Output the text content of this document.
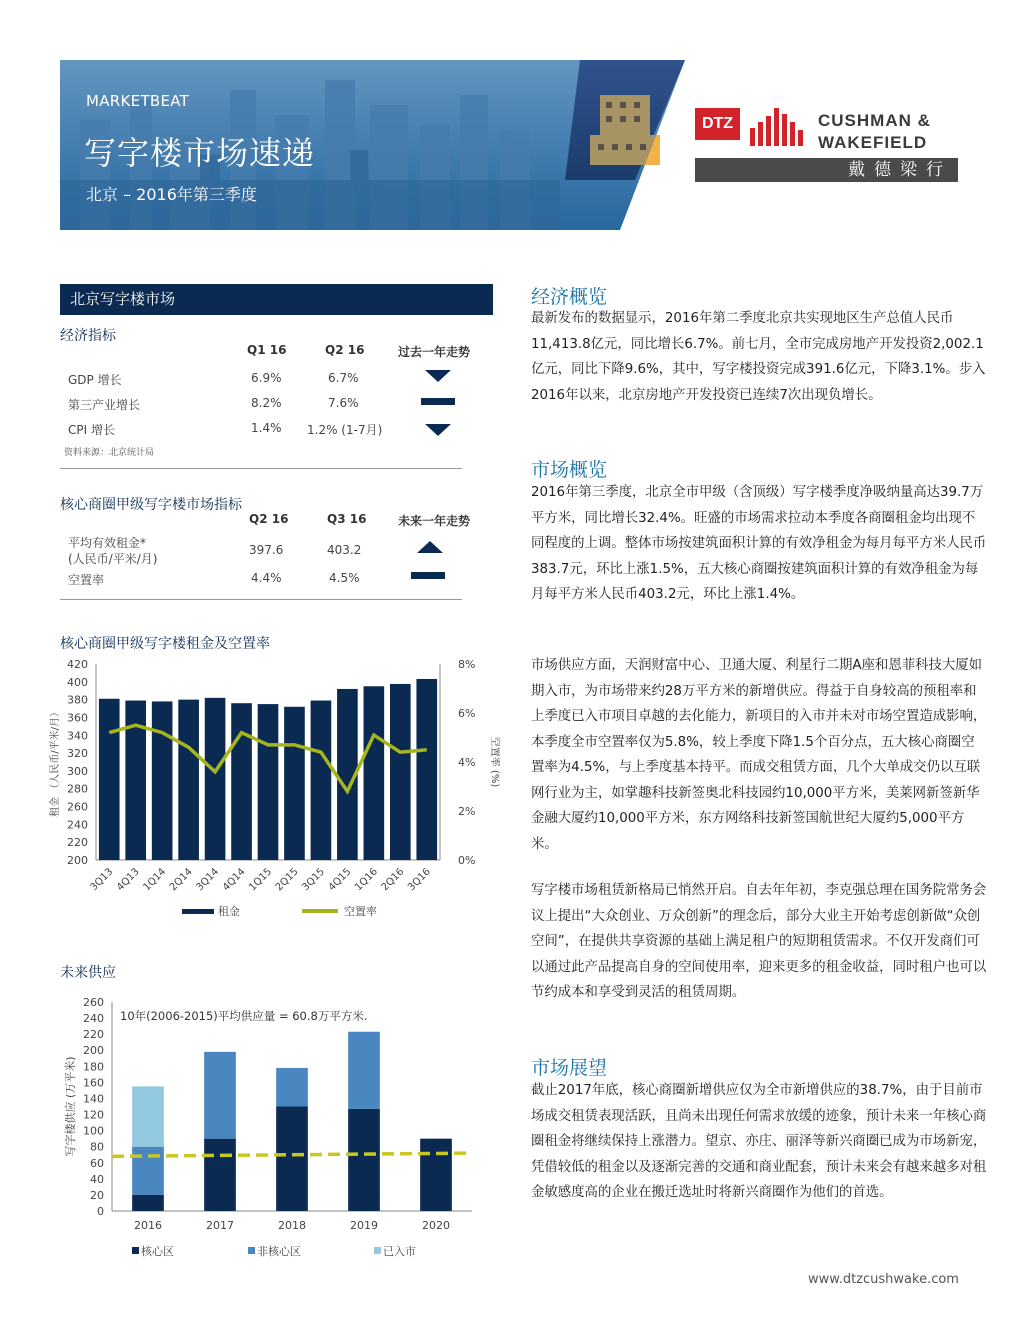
MARKETBEAT
写字楼市场速递
北京 – 2016年第三季度
DTZ	CUSHMAN &
WAKEFIELD
戴德梁行
北京写字楼市场
经济指标
Q1 16	Q2 16	过去一年走势
GDP 增长	6.9%	6.7%
第三产业增长	8.2%	7.6%
CPI 增长	1.4% 1.2% (1-7月)
资料来源：北京统计局
核心商圈甲级写字楼市场指标
Q2 16	Q3 16	未来一年走势
平均有效租金*
(人民币/平米/月)
397.6	403.2
空置率	4.4%	4.5%
核心商圈甲级写字楼租金及空置率
200
220
240
260
280
300
320
340
360
380
400
420
0%
2%
4%
6%
8%
3Q13 4Q13 1Q14 2Q14 3Q14 4Q14 1Q15 2Q15 3Q15 4Q15 1Q16 2Q16 3Q16
租金 （人民币/平米/月）	空置率 (%)
租金	空置率
未来供应
0
20
40
60
80
100
120
140
160
180
200
220
240
260
2016	2017	2018	2019	2020
10年(2006-2015)平均供应量 = 60.8万平方米.
写字楼供应 (万平米)
核心区	非核心区	已入市
经济概览
最新发布的数据显示，2016年第二季度北京共实现地区生产总值人民币11,413.8亿元，同比增长6.7%。前七月，全市完成房地产开发投资2,002.1亿元，同比下降9.6%，其中，写字楼投资完成391.6亿元，下降3.1%。步入2016年以来，北京房地产开发投资已连续7次出现负增长。
市场概览
2016年第三季度，北京全市甲级（含顶级）写字楼季度净吸纳量高达39.7万平方米，同比增长32.4%。旺盛的市场需求拉动本季度各商圈租金均出现不同程度的上调。整体市场按建筑面积计算的有效净租金为每月每平方米人民币383.7元，环比上涨1.5%，五大核心商圈按建筑面积计算的有效净租金为每月每平方米人民币403.2元，环比上涨1.4%。
市场供应方面，天润财富中心、卫通大厦、利星行二期A座和恩菲科技大厦如期入市，为市场带来约28万平方米的新增供应。得益于自身较高的预租率和上季度已入市项目卓越的去化能力，新项目的入市并未对市场空置造成影响，本季度全市空置率仅为5.8%，较上季度下降1.5个百分点，五大核心商圈空置率为4.5%，与上季度基本持平。而成交租赁方面，几个大单成交仍以互联网行业为主，如掌趣科技新签奥北科技园约10,000平方米，美莱网新签新华金融大厦约10,000平方米，东方网络科技新签国航世纪大厦约5,000平方米。
写字楼市场租赁新格局已悄然开启。自去年年初，李克强总理在国务院常务会议上提出“大众创业、万众创新”的理念后，部分大业主开始考虑创新做“众创空间”，在提供共享资源的基础上满足租户的短期租赁需求。不仅开发商们可以通过此产品提高自身的空间使用率，迎来更多的租金收益，同时租户也可以节约成本和享受到灵活的租赁周期。
市场展望
截止2017年底，核心商圈新增供应仅为全市新增供应的38.7%，由于目前市场成交租赁表现活跃，且尚未出现任何需求放缓的迹象，预计未来一年核心商圈租金将继续保持上涨潜力。望京、亦庄、丽泽等新兴商圈已成为市场新宠，凭借较低的租金以及逐渐完善的交通和商业配套，预计未来会有越来越多对租金敏感度高的企业在搬迁选址时将新兴商圈作为他们的首选。
www.dtzcushwake.com
